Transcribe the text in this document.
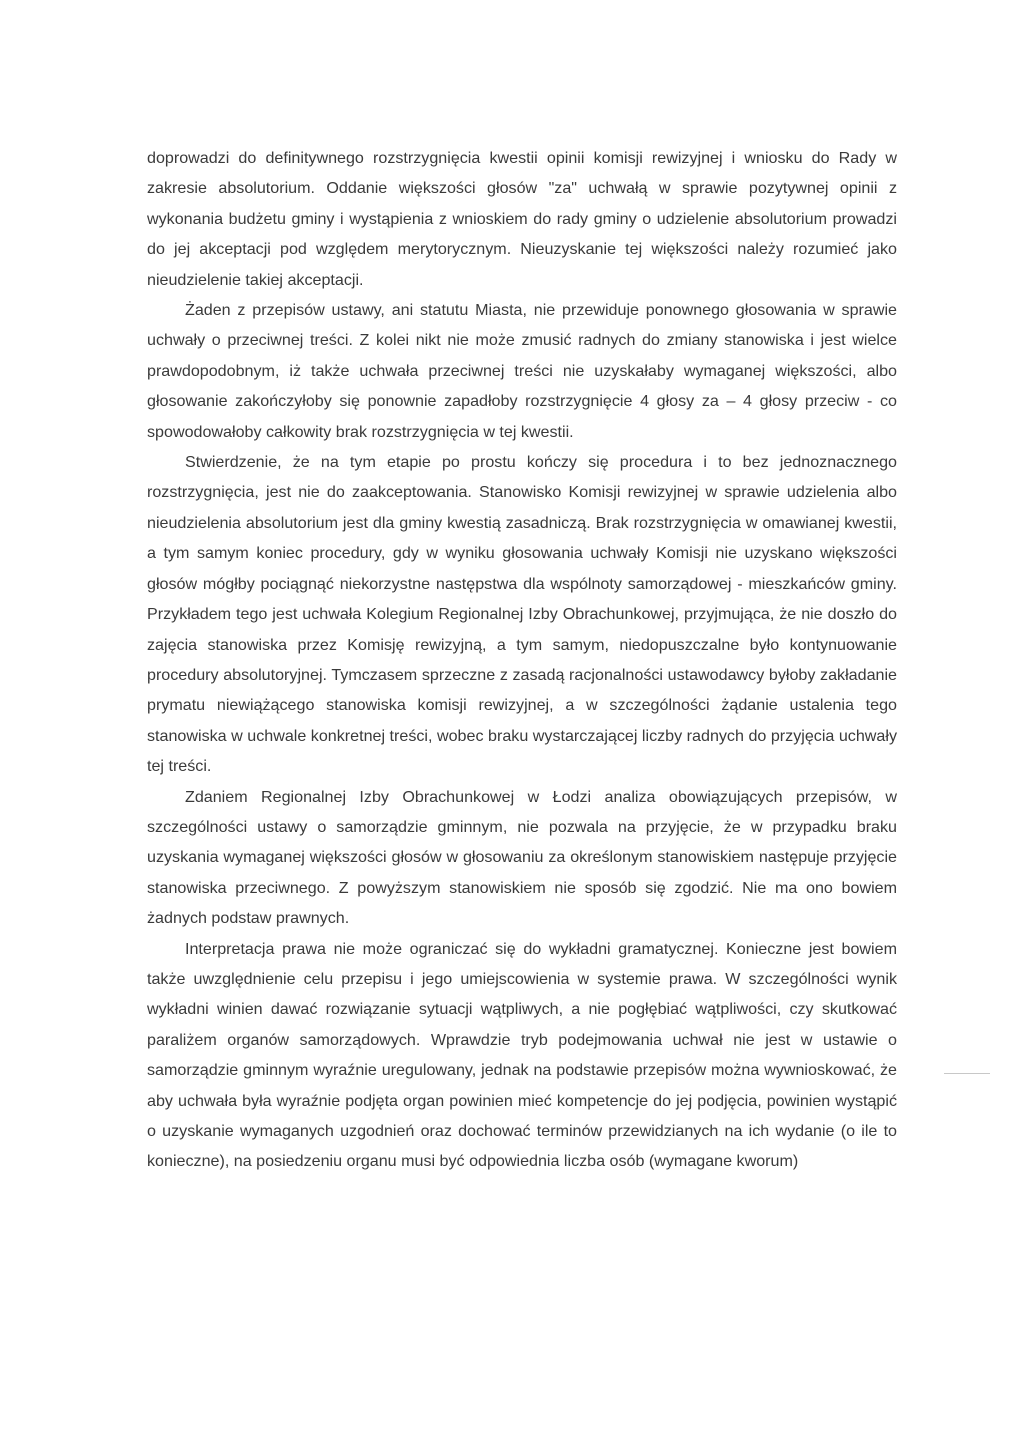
doprowadzi do definitywnego rozstrzygnięcia kwestii opinii komisji rewizyjnej i wniosku do Rady w zakresie absolutorium. Oddanie większości głosów "za" uchwałą w sprawie pozytywnej opinii z wykonania budżetu gminy i wystąpienia z wnioskiem do rady gminy o udzielenie absolutorium prowadzi do jej akceptacji pod względem merytorycznym. Nieuzyskanie tej większości należy rozumieć jako nieudzielenie takiej akceptacji.

Żaden z przepisów ustawy, ani statutu Miasta, nie przewiduje ponownego głosowania w sprawie uchwały o przeciwnej treści. Z kolei nikt nie może zmusić radnych do zmiany stanowiska i jest wielce prawdopodobnym, iż także uchwała przeciwnej treści nie uzyskałaby wymaganej większości, albo głosowanie zakończyłoby się ponownie zapadłoby rozstrzygnięcie 4 głosy za – 4 głosy przeciw - co spowodowałoby całkowity brak rozstrzygnięcia w tej kwestii.

Stwierdzenie, że na tym etapie po prostu kończy się procedura i to bez jednoznacznego rozstrzygnięcia, jest nie do zaakceptowania. Stanowisko Komisji rewizyjnej w sprawie udzielenia albo nieudzielenia absolutorium jest dla gminy kwestią zasadniczą. Brak rozstrzygnięcia w omawianej kwestii, a tym samym koniec procedury, gdy w wyniku głosowania uchwały Komisji nie uzyskano większości głosów mógłby pociągnąć niekorzystne następstwa dla wspólnoty samorządowej - mieszkańców gminy. Przykładem tego jest uchwała Kolegium Regionalnej Izby Obrachunkowej, przyjmująca, że nie doszło do zajęcia stanowiska przez Komisję rewizyjną, a tym samym, niedopuszczalne było kontynuowanie procedury absolutoryjnej. Tymczasem sprzeczne z zasadą racjonalności ustawodawcy byłoby zakładanie prymatu niewiążącego stanowiska komisji rewizyjnej, a w szczególności żądanie ustalenia tego stanowiska w uchwale konkretnej treści, wobec braku wystarczającej liczby radnych do przyjęcia uchwały tej treści.

Zdaniem Regionalnej Izby Obrachunkowej w Łodzi analiza obowiązujących przepisów, w szczególności ustawy o samorządzie gminnym, nie pozwala na przyjęcie, że w przypadku braku uzyskania wymaganej większości głosów w głosowaniu za określonym stanowiskiem następuje przyjęcie stanowiska przeciwnego. Z powyższym stanowiskiem nie sposób się zgodzić. Nie ma ono bowiem żadnych podstaw prawnych.

Interpretacja prawa nie może ograniczać się do wykładni gramatycznej. Konieczne jest bowiem także uwzględnienie celu przepisu i jego umiejscowienia w systemie prawa. W szczególności wynik wykładni winien dawać rozwiązanie sytuacji wątpliwych, a nie pogłębiać wątpliwości, czy skutkować paraliżem organów samorządowych. Wprawdzie tryb podejmowania uchwał nie jest w ustawie o samorządzie gminnym wyraźnie uregulowany, jednak na podstawie przepisów można wywnioskować, że aby uchwała była wyraźnie podjęta organ powinien mieć kompetencje do jej podjęcia, powinien wystąpić o uzyskanie wymaganych uzgodnień oraz dochować terminów przewidzianych na ich wydanie (o ile to konieczne), na posiedzeniu organu musi być odpowiednia liczba osób (wymagane kworum)
